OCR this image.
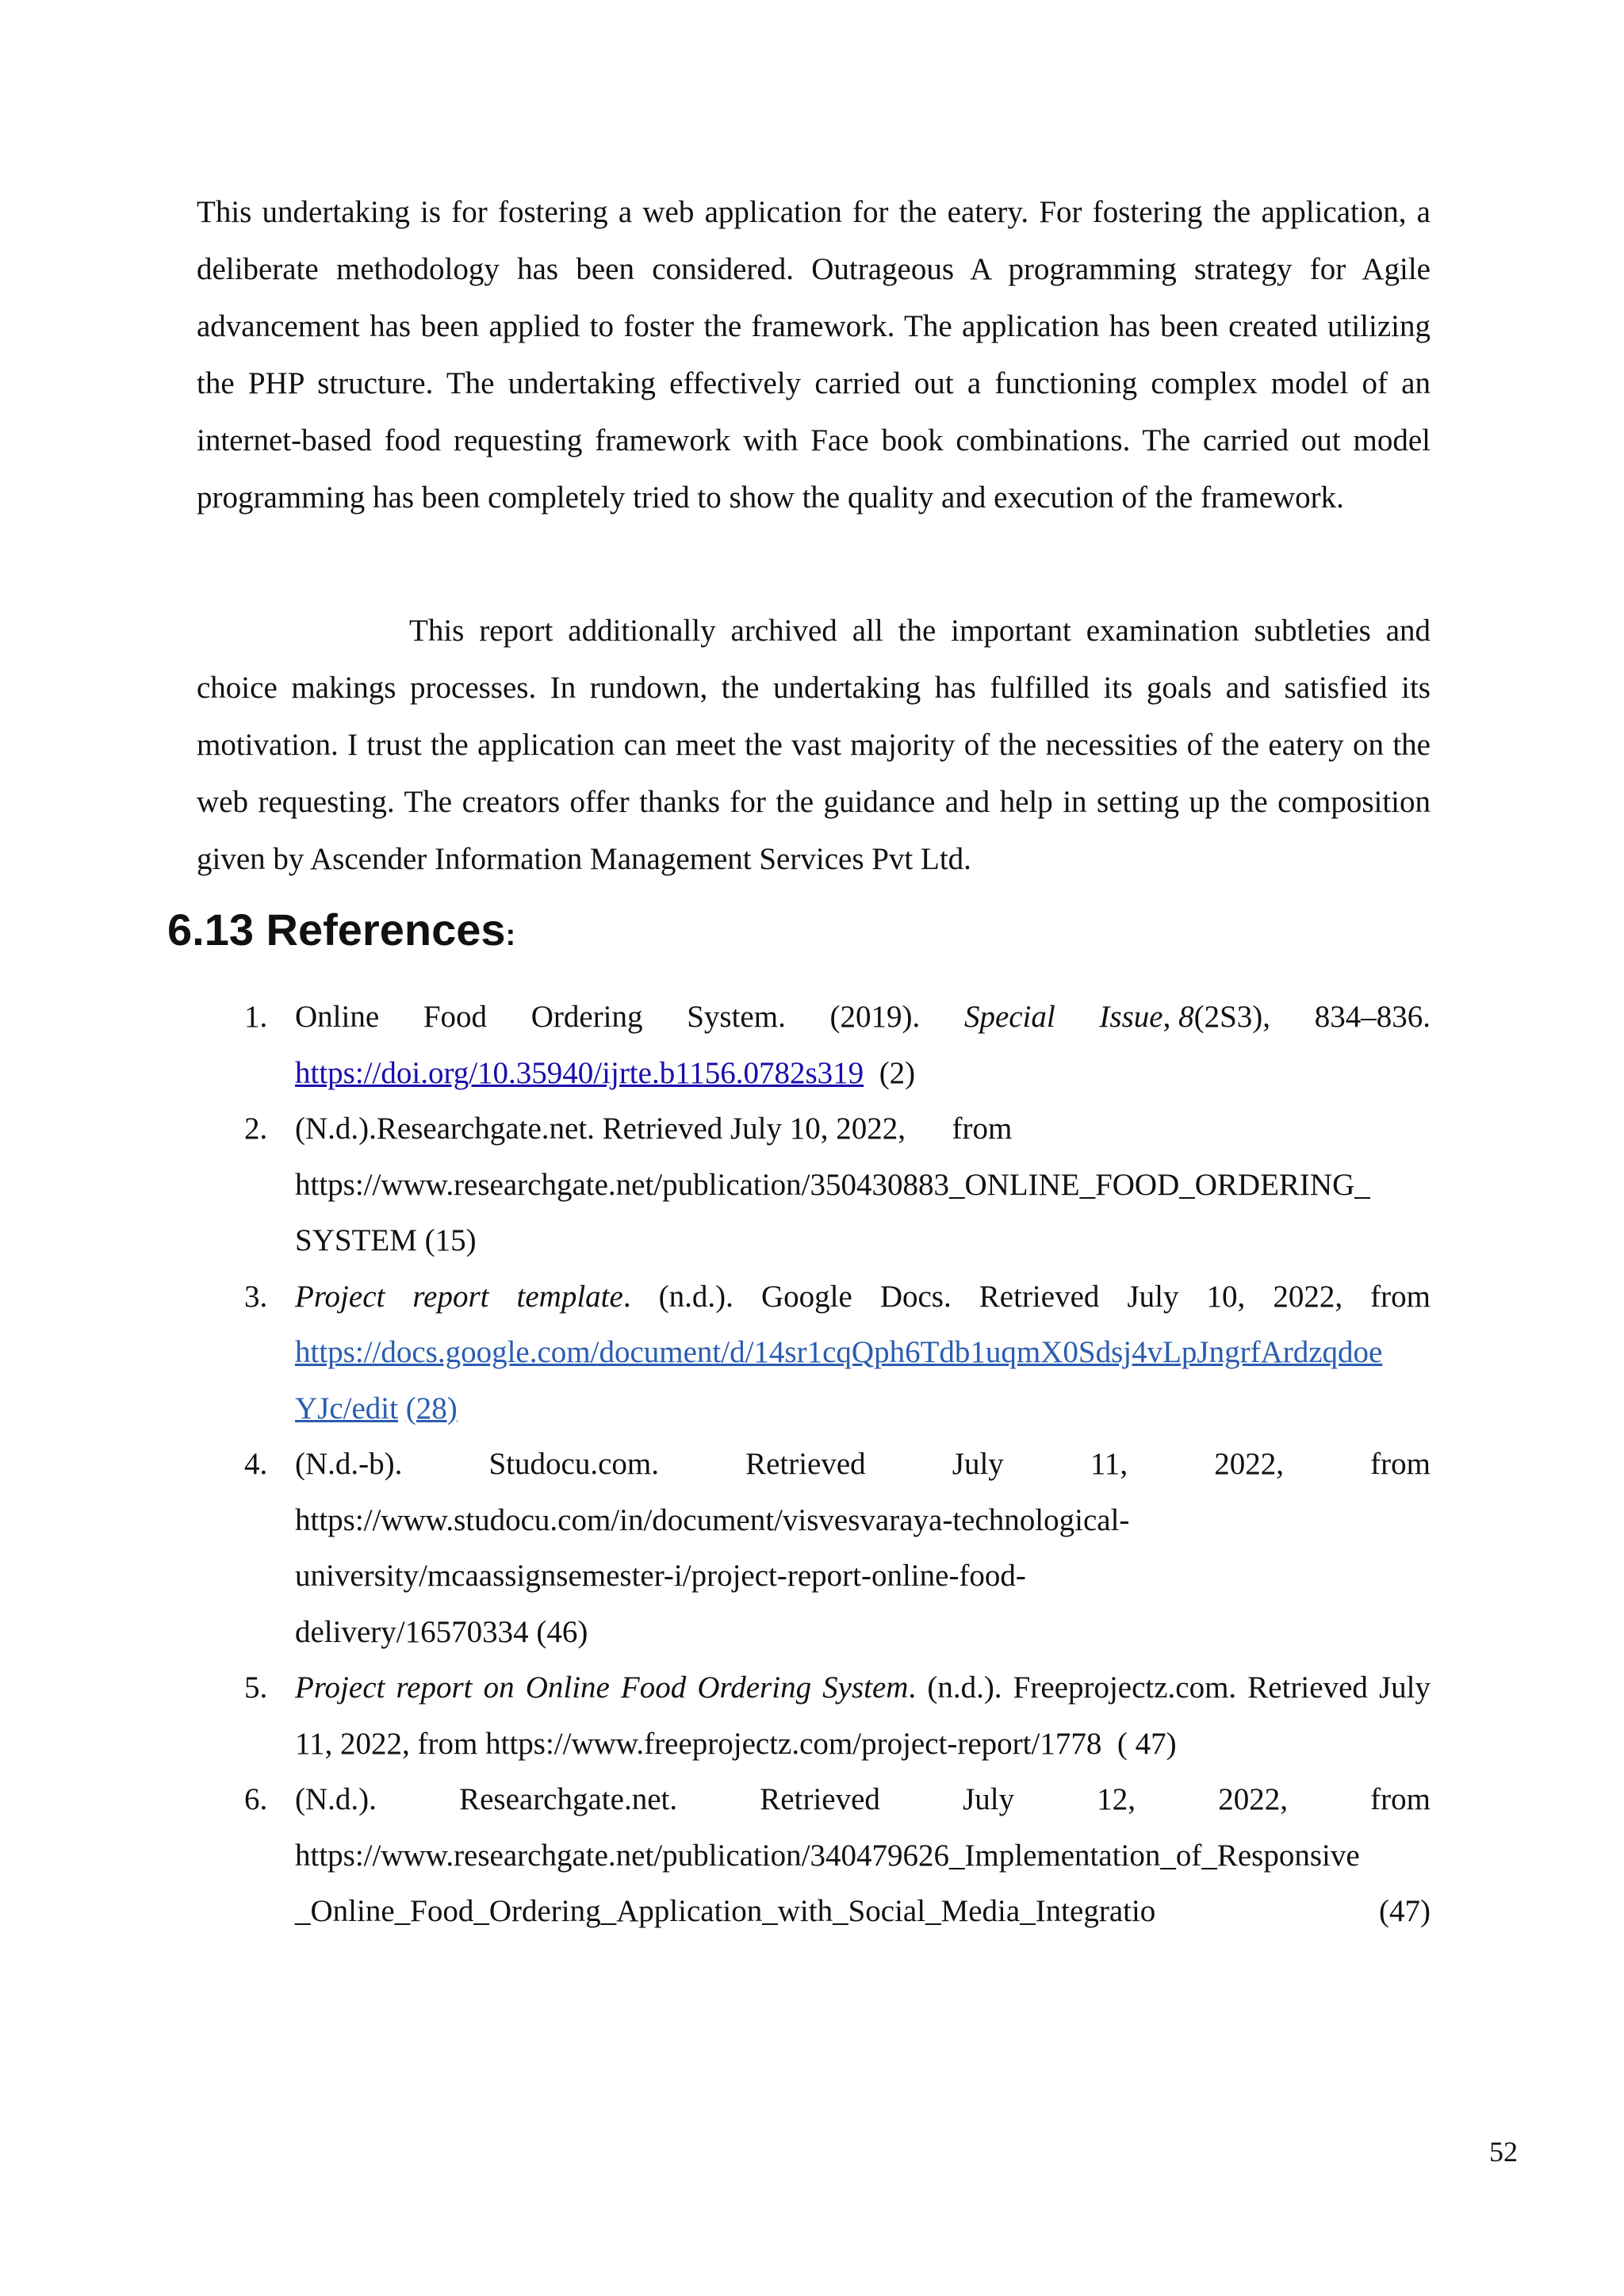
This undertaking is for fostering a web application for the eatery. For fostering the application, a deliberate methodology has been considered. Outrageous A programming strategy for Agile advancement has been applied to foster the framework. The application has been created utilizing the PHP structure. The undertaking effectively carried out a functioning complex model of an internet-based food requesting framework with Face book combinations. The carried out model programming has been completely tried to show the quality and execution of the framework.

This report additionally archived all the important examination subtleties and choice makings processes. In rundown, the undertaking has fulfilled its goals and satisfied its motivation. I trust the application can meet the vast majority of the necessities of the eatery on the web requesting. The creators offer thanks for the guidance and help in setting up the composition given by Ascender Information Management Services Pvt Ltd.

6.13 References:
1. Online Food Ordering System. (2019). Special Issue, 8(2S3), 834–836.
https://doi.org/10.35940/ijrte.b1156.0782s319 (2)
2. (N.d.).Researchgate.net. Retrieved July 10, 2022, from
https://www.researchgate.net/publication/350430883_ONLINE_FOOD_ORDERING_SYSTEM (15)
3. Project report template. (n.d.). Google Docs. Retrieved July 10, 2022, from
https://docs.google.com/document/d/14sr1cqQph6Tdb1uqmX0Sdsj4vLpJngrfArdzqdoeYJc/edit (28)
4. (N.d.-b).	Studocu.com.	Retrieved	July	11,	2022,	from
https://www.studocu.com/in/document/visvesvaraya-technological-university/mcaassignsemester-i/project-report-online-food-delivery/16570334 (46)
5. Project report on Online Food Ordering System. (n.d.). Freeprojectz.com. Retrieved July 11, 2022, from https://www.freeprojectz.com/project-report/1778 ( 47)
6. (N.d.).	Researchgate.net.	Retrieved	July	12,	2022,	from
https://www.researchgate.net/publication/340479626_Implementation_of_Responsive_Online_Food_Ordering_Application_with_Social_Media_Integratio	(47)
52
